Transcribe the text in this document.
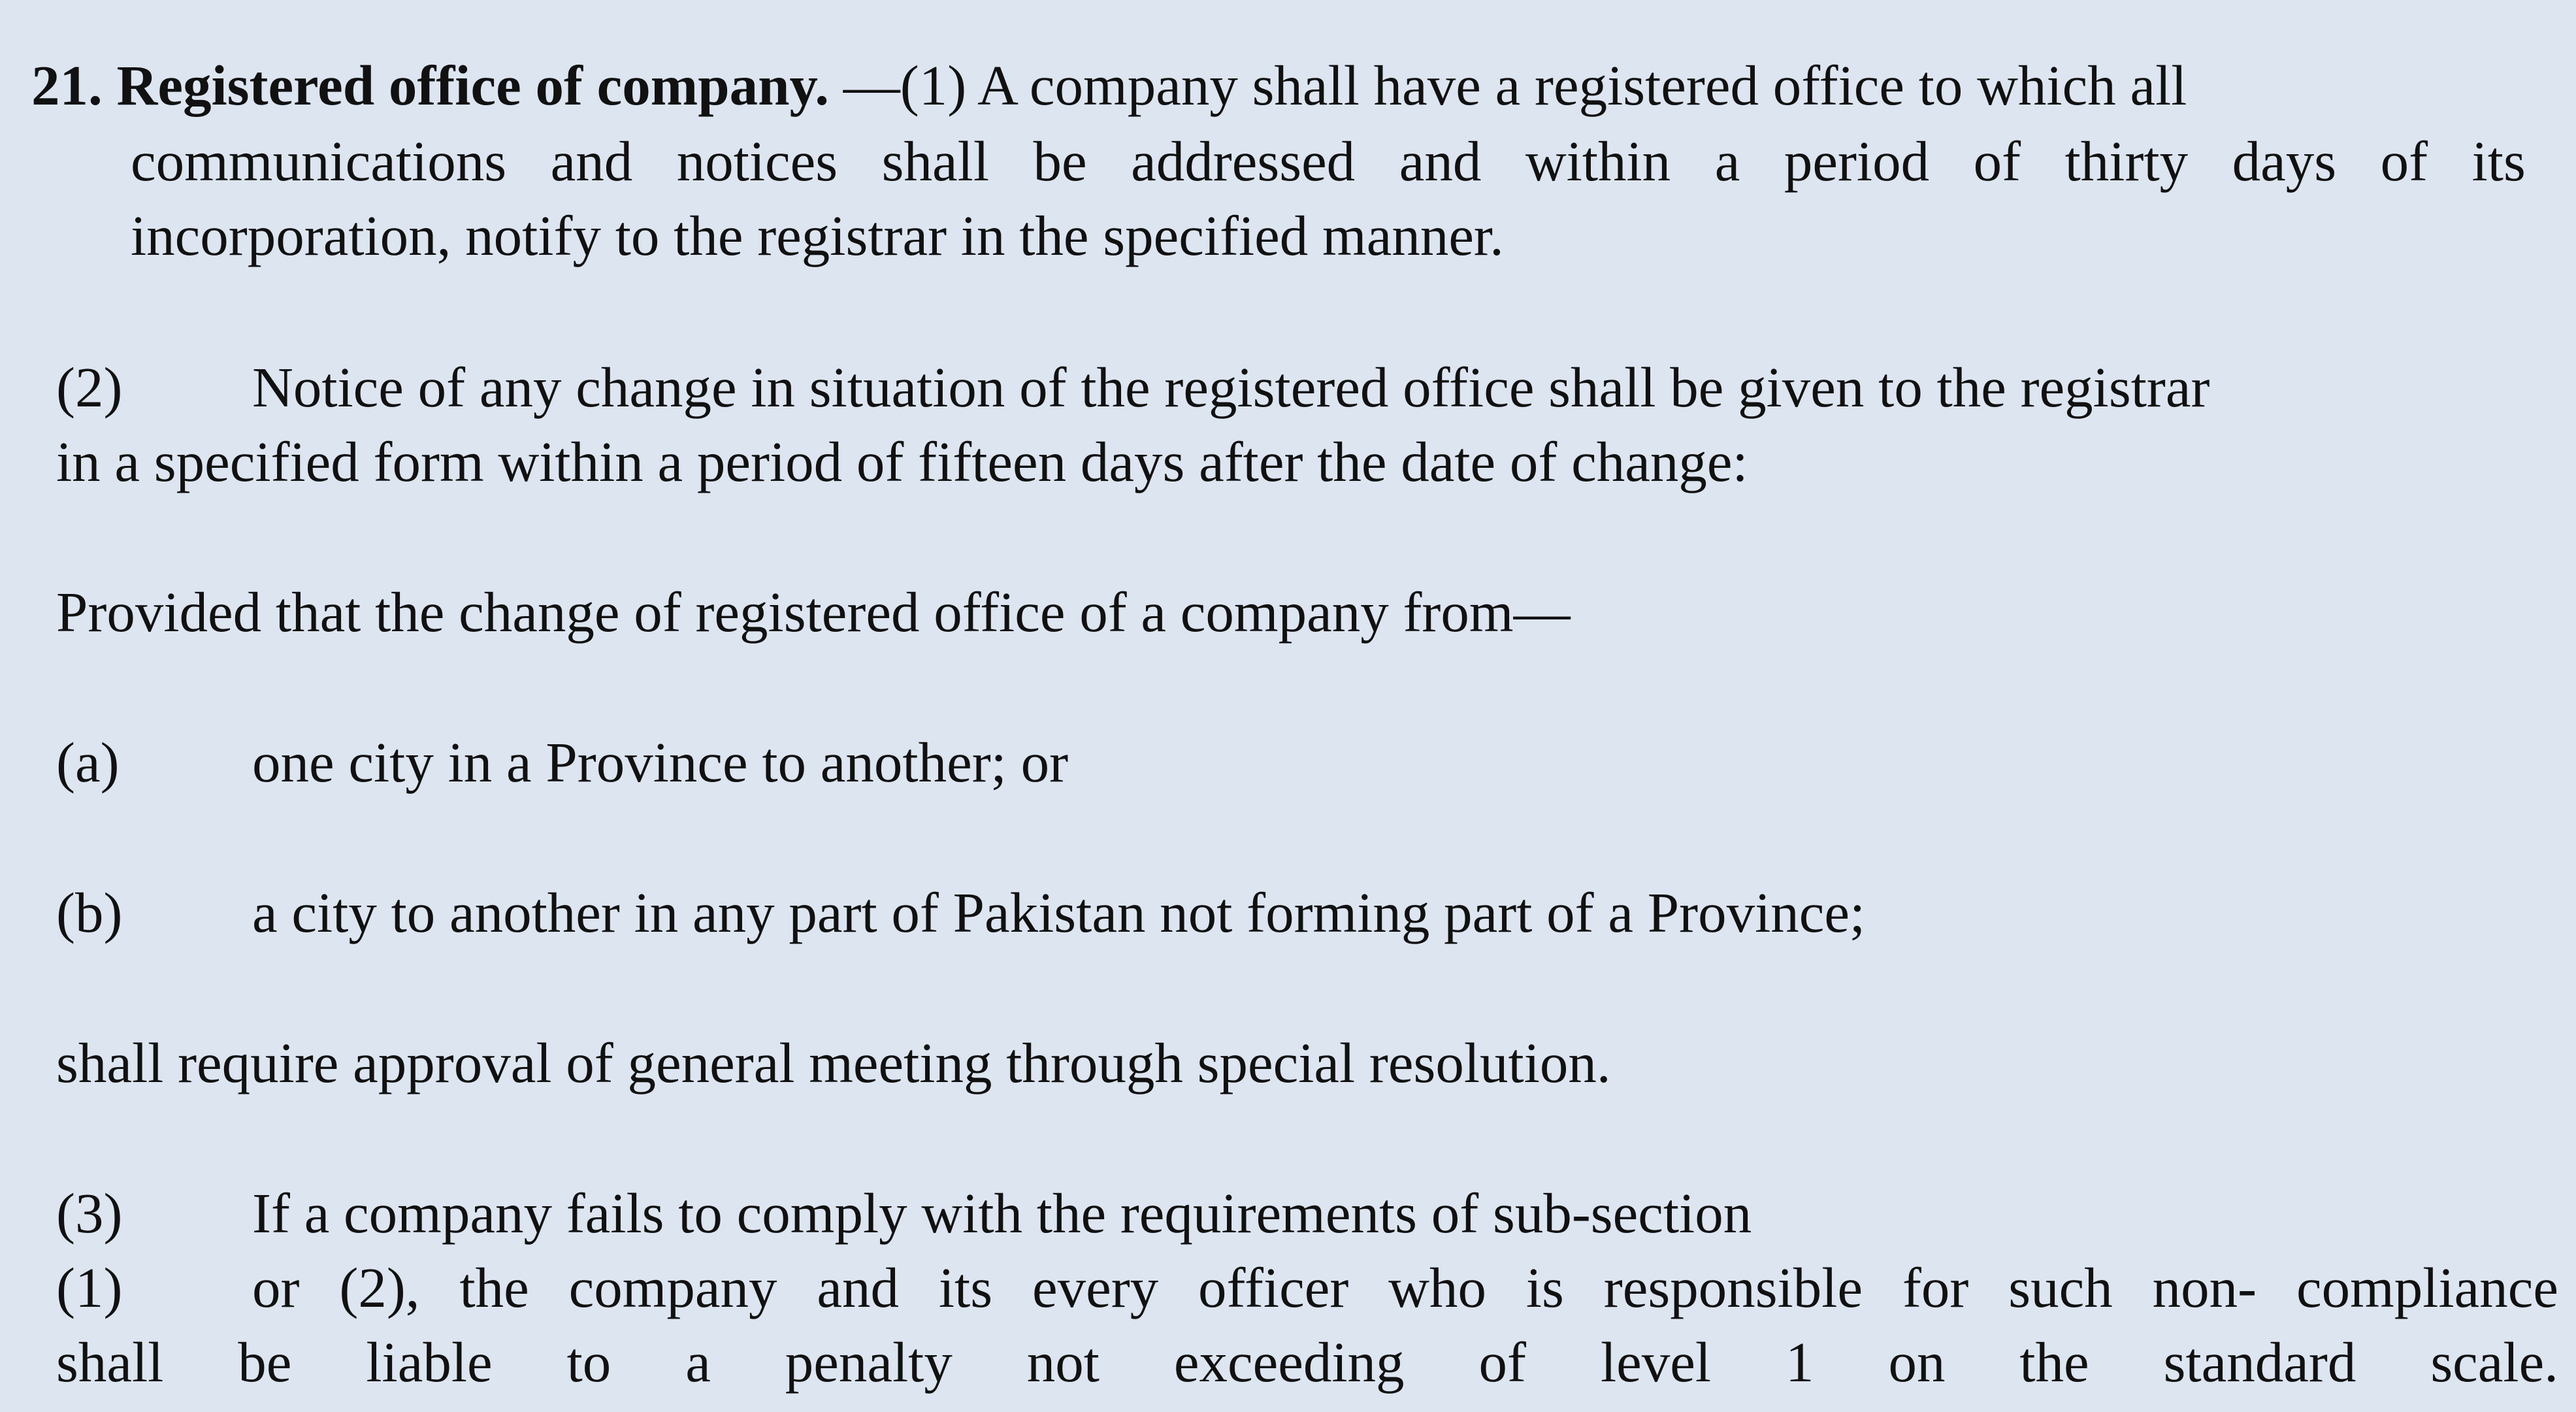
21. Registered office of company. —(1) A company shall have a registered office to which all
communications and notices shall be addressed and within a period of thirty days of its
incorporation, notify to the registrar in the specified manner.
(2) Notice of any change in situation of the registered office shall be given to the registrar
in a specified form within a period of fifteen days after the date of change:
Provided that the change of registered office of a company from—
(a) one city in a Province to another; or
(b) a city to another in any part of Pakistan not forming part of a Province;
shall require approval of general meeting through special resolution.
(3) If a company fails to comply with the requirements of sub-section
(1) or (2), the company and its every officer who is responsible for such non- compliance
shall be liable to a penalty not exceeding of level 1 on the standard scale.
